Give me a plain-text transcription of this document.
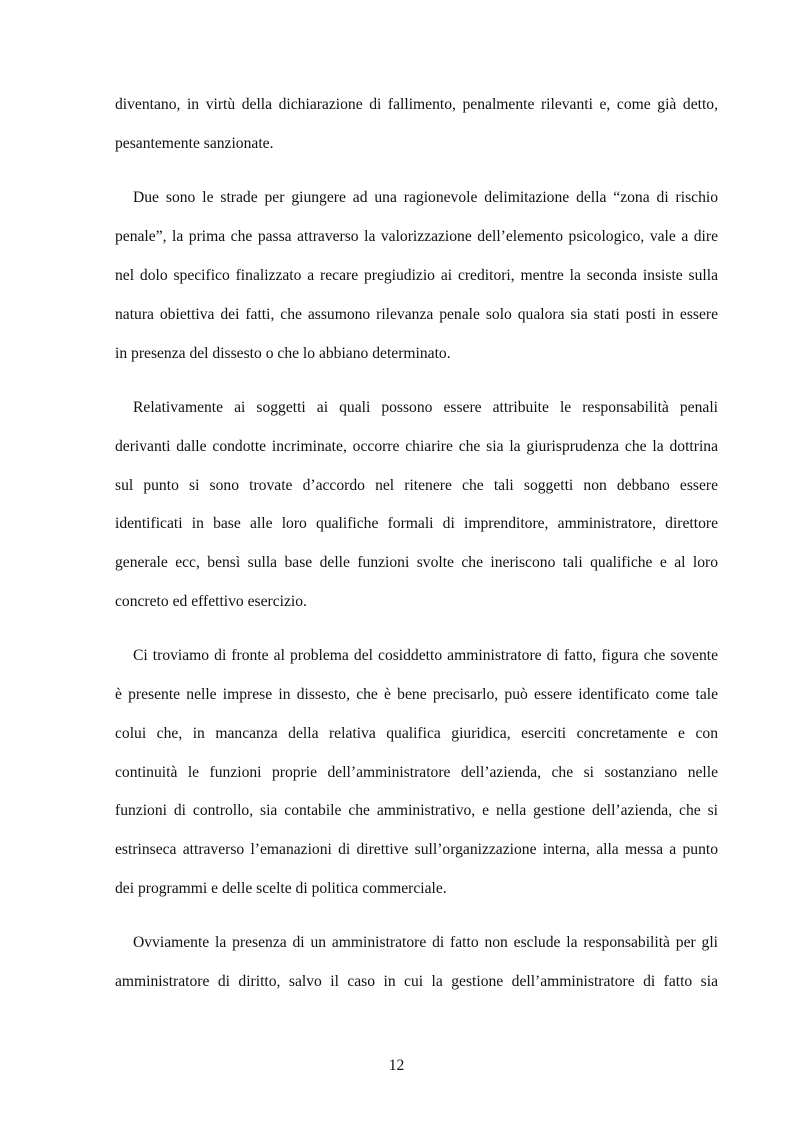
diventano, in virtù della dichiarazione di fallimento, penalmente rilevanti e, come già detto,
pesantemente sanzionate.
Due sono le strade per giungere ad una ragionevole delimitazione della “zona di rischio
penale”, la prima che passa attraverso la valorizzazione dell’elemento psicologico, vale a dire
nel dolo specifico finalizzato a recare pregiudizio ai creditori, mentre la seconda insiste sulla
natura obiettiva dei fatti, che assumono rilevanza penale solo qualora sia stati posti in essere
in presenza del dissesto o che lo abbiano determinato.
Relativamente ai soggetti ai quali possono essere attribuite le responsabilità penali
derivanti dalle condotte incriminate, occorre chiarire che sia la giurisprudenza che la dottrina
sul punto si sono trovate d’accordo nel ritenere che tali soggetti non debbano essere
identificati in base alle loro qualifiche formali di imprenditore, amministratore, direttore
generale ecc, bensì sulla base delle funzioni svolte che ineriscono tali qualifiche e al loro
concreto ed effettivo esercizio.
Ci troviamo di fronte al problema del cosiddetto amministratore di fatto, figura che sovente
è presente nelle imprese in dissesto, che è bene precisarlo, può essere identificato come tale
colui che, in mancanza della relativa qualifica giuridica, eserciti concretamente e con
continuità le funzioni proprie dell’amministratore dell’azienda, che si sostanziano nelle
funzioni di controllo, sia contabile che amministrativo, e nella gestione dell’azienda, che si
estrinseca attraverso l’emanazioni di direttive sull’organizzazione interna, alla messa a punto
dei programmi e delle scelte di politica commerciale.
Ovviamente la presenza di un amministratore di fatto non esclude la responsabilità per gli
amministratore di diritto, salvo il caso in cui la gestione dell’amministratore di fatto sia
12
